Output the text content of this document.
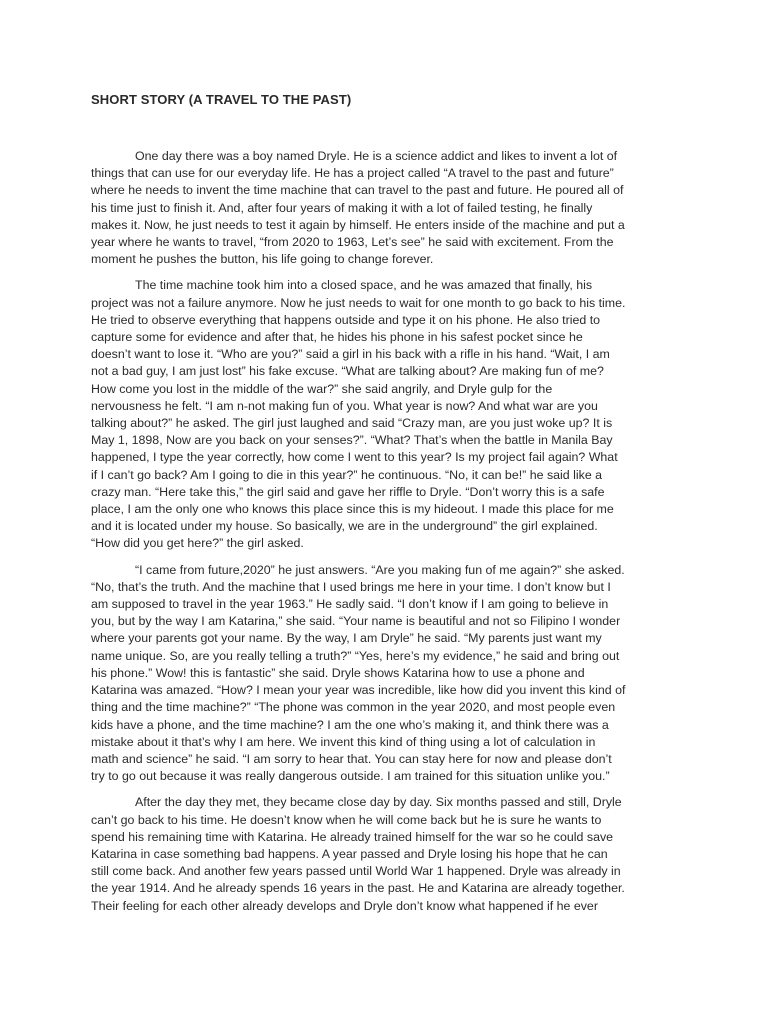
SHORT STORY (A TRAVEL TO THE PAST)

One day there was a boy named Dryle. He is a science addict and likes to invent a lot of
things that can use for our everyday life. He has a project called “A travel to the past and future”
where he needs to invent the time machine that can travel to the past and future. He poured all of
his time just to finish it. And, after four years of making it with a lot of failed testing, he finally
makes it. Now, he just needs to test it again by himself. He enters inside of the machine and put a
year where he wants to travel, “from 2020 to 1963, Let’s see” he said with excitement. From the
moment he pushes the button, his life going to change forever.

The time machine took him into a closed space, and he was amazed that finally, his
project was not a failure anymore. Now he just needs to wait for one month to go back to his time.
He tried to observe everything that happens outside and type it on his phone. He also tried to
capture some for evidence and after that, he hides his phone in his safest pocket since he
doesn’t want to lose it. “Who are you?” said a girl in his back with a rifle in his hand. “Wait, I am
not a bad guy, I am just lost” his fake excuse. “What are talking about? Are making fun of me?
How come you lost in the middle of the war?” she said angrily, and Dryle gulp for the
nervousness he felt. “I am n-not making fun of you. What year is now? And what war are you
talking about?” he asked. The girl just laughed and said “Crazy man, are you just woke up? It is
May 1, 1898, Now are you back on your senses?”. “What? That’s when the battle in Manila Bay
happened, I type the year correctly, how come I went to this year? Is my project fail again? What
if I can’t go back? Am I going to die in this year?” he continuous. “No, it can be!” he said like a
crazy man. “Here take this,” the girl said and gave her riffle to Dryle. “Don’t worry this is a safe
place, I am the only one who knows this place since this is my hideout. I made this place for me
and it is located under my house. So basically, we are in the underground” the girl explained.
“How did you get here?” the girl asked.

“I came from future,2020” he just answers. “Are you making fun of me again?” she asked.
“No, that’s the truth. And the machine that I used brings me here in your time. I don’t know but I
am supposed to travel in the year 1963.” He sadly said. “I don’t know if I am going to believe in
you, but by the way I am Katarina,” she said. “Your name is beautiful and not so Filipino I wonder
where your parents got your name. By the way, I am Dryle” he said. “My parents just want my
name unique. So, are you really telling a truth?” “Yes, here’s my evidence,” he said and bring out
his phone.” Wow! this is fantastic” she said. Dryle shows Katarina how to use a phone and
Katarina was amazed. “How? I mean your year was incredible, like how did you invent this kind of
thing and the time machine?” “The phone was common in the year 2020, and most people even
kids have a phone, and the time machine? I am the one who’s making it, and think there was a
mistake about it that’s why I am here. We invent this kind of thing using a lot of calculation in
math and science” he said. “I am sorry to hear that. You can stay here for now and please don’t
try to go out because it was really dangerous outside. I am trained for this situation unlike you.”

After the day they met, they became close day by day. Six months passed and still, Dryle
can’t go back to his time. He doesn’t know when he will come back but he is sure he wants to
spend his remaining time with Katarina. He already trained himself for the war so he could save
Katarina in case something bad happens. A year passed and Dryle losing his hope that he can
still come back. And another few years passed until World War 1 happened. Dryle was already in
the year 1914. And he already spends 16 years in the past. He and Katarina are already together.
Their feeling for each other already develops and Dryle don’t know what happened if he ever
